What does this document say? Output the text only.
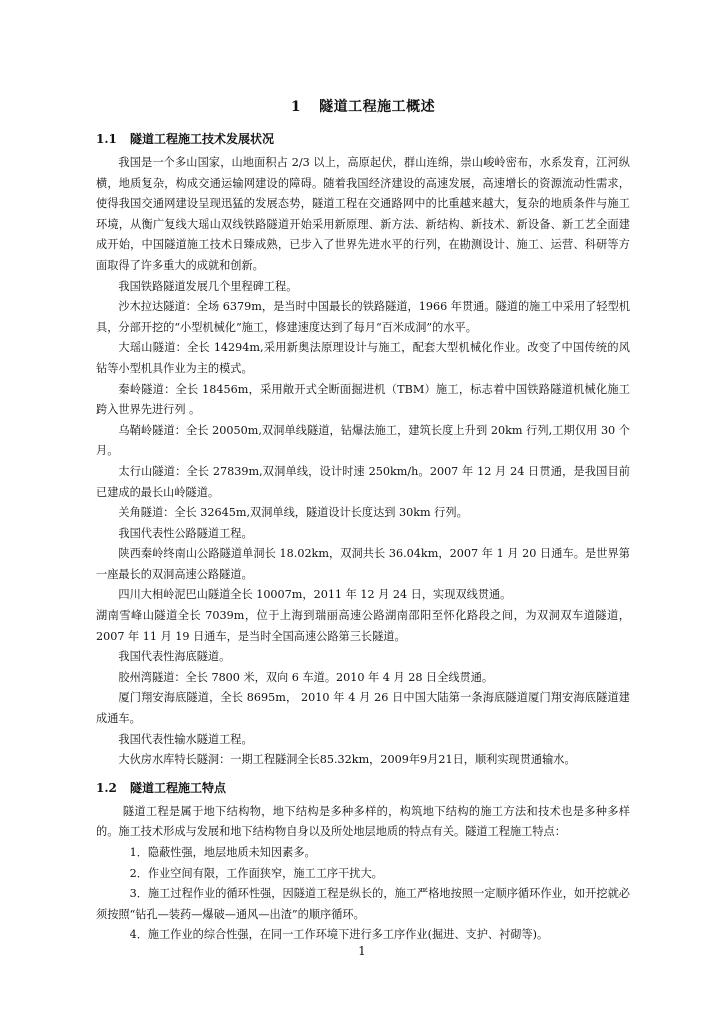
1 隧道工程施工概述
1.1 隧道工程施工技术发展状况

我国是一个多山国家，山地面积占 2/3 以上，高原起伏，群山连绵，崇山峻岭密布，水系发育，江河纵横，地质复杂，构成交通运输网建设的障碍。随着我国经济建设的高速发展，高速增长的资源流动性需求，使得我国交通网建设呈现迅猛的发展态势，隧道工程在交通路网中的比重越来越大，复杂的地质条件与施工环境，从衡广复线大瑶山双线铁路隧道开始采用新原理、新方法、新结构、新技术、新设备、新工艺全面建成开始，中国隧道施工技术日臻成熟，已步入了世界先进水平的行列，在勘测设计、施工、运营、科研等方面取得了许多重大的成就和创新。

我国铁路隧道发展几个里程碑工程。

沙木拉达隧道：全场 6379m，是当时中国最长的铁路隧道，1966 年贯通。隧道的施工中采用了轻型机具，分部开挖的“小型机械化”施工，修建速度达到了每月“百米成洞”的水平。

大瑶山隧道：全长 14294m,采用新奥法原理设计与施工，配套大型机械化作业。改变了中国传统的风钻等小型机具作业为主的模式。

秦岭隧道：全长 18456m，采用敞开式全断面掘进机（TBM）施工，标志着中国铁路隧道机械化施工跨入世界先进行列 。

乌鞘岭隧道：全长 20050m,双洞单线隧道，钻爆法施工，建筑长度上升到 20km 行列,工期仅用 30 个月。

太行山隧道：全长 27839m,双洞单线，设计时速 250km/h。2007 年 12 月 24 日贯通，是我国目前已建成的最长山岭隧道。

关角隧道：全长 32645m,双洞单线，隧道设计长度达到 30km 行列。

我国代表性公路隧道工程。

陕西秦岭终南山公路隧道单洞长 18.02km，双洞共长 36.04km，2007 年 1 月 20 日通车。是世界第一座最长的双洞高速公路隧道。

四川大相岭泥巴山隧道全长 10007m，2011 年 12 月 24 日，实现双线贯通。

湖南雪峰山隧道全长 7039m，位于上海到瑞丽高速公路湖南邵阳至怀化路段之间，为双洞双车道隧道，2007 年 11 月 19 日通车，是当时全国高速公路第三长隧道。

我国代表性海底隧道。

胶州湾隧道：全长 7800 米，双向 6 车道。2010 年 4 月 28 日全线贯通。

厦门翔安海底隧道，全长 8695m， 2010 年 4 月 26 日中国大陆第一条海底隧道厦门翔安海底隧道建成通车。

我国代表性输水隧道工程。

大伙房水库特长隧洞：一期工程隧洞全长85.32km，2009年9月21日，顺利实现贯通输水。

1.2 隧道工程施工特点

隧道工程是属于地下结构物，地下结构是多种多样的，构筑地下结构的施工方法和技术也是多种多样的。施工技术形成与发展和地下结构物自身以及所处地层地质的特点有关。隧道工程施工特点：

1．隐蔽性强，地层地质未知因素多。

2．作业空间有限，工作面狭窄，施工工序干扰大。

3．施工过程作业的循环性强，因隧道工程是纵长的，施工严格地按照一定顺序循环作业，如开挖就必须按照“钻孔—装药—爆破—通风—出渣”的顺序循环。

4．施工作业的综合性强，在同一工作环境下进行多工序作业(掘进、支护、衬砌等)。

1
